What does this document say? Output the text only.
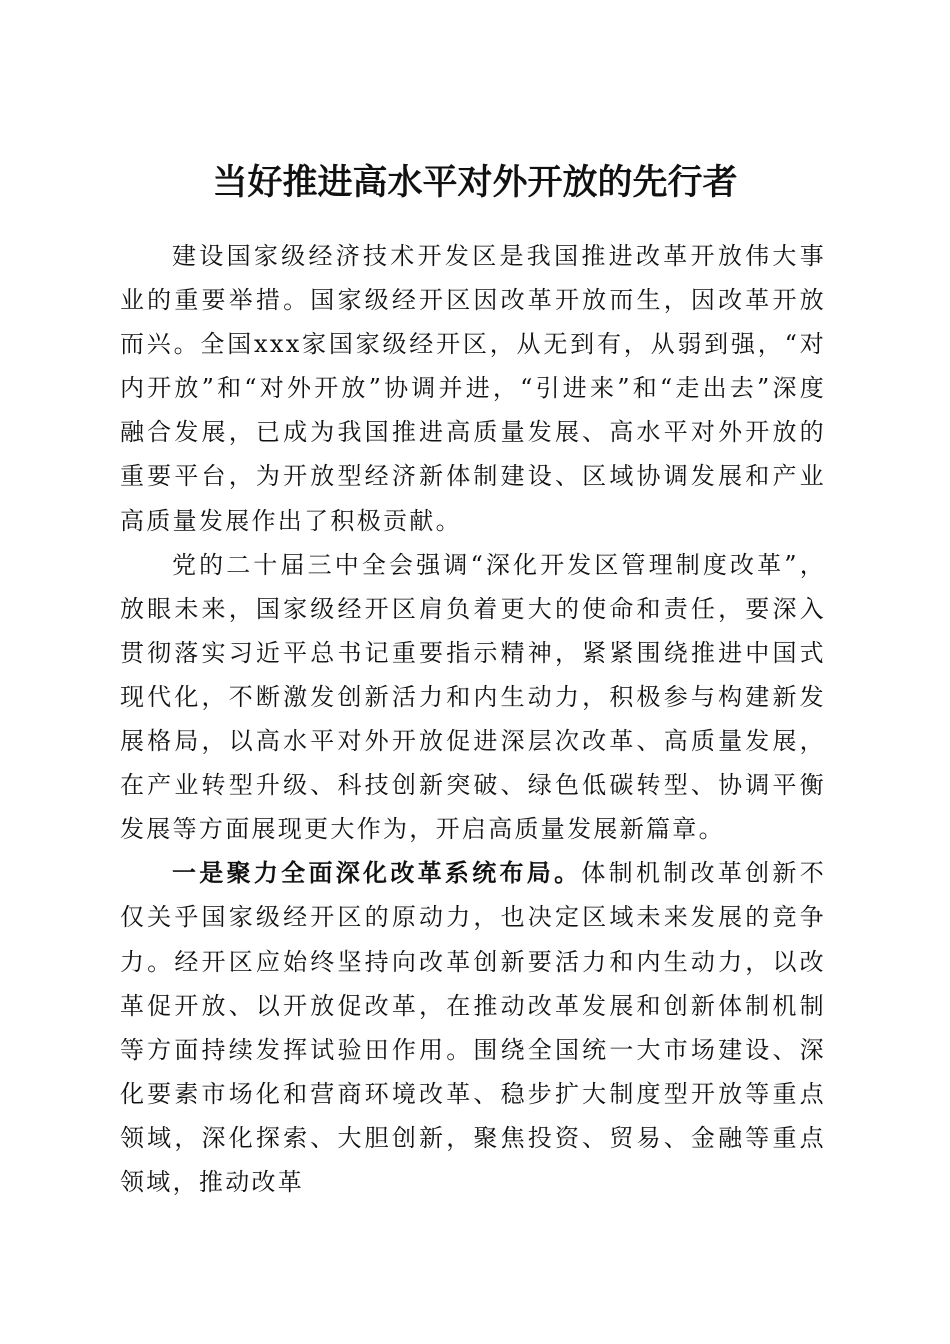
当好推进高水平对外开放的先行者

建设国家级经济技术开发区是我国推进改革开放伟大事业的重要举措。国家级经开区因改革开放而生，因改革开放而兴。全国xxx家国家级经开区，从无到有，从弱到强，“对内开放”和“对外开放”协调并进，“引进来”和“走出去”深度融合发展，已成为我国推进高质量发展、高水平对外开放的重要平台，为开放型经济新体制建设、区域协调发展和产业高质量发展作出了积极贡献。

党的二十届三中全会强调“深化开发区管理制度改革”，放眼未来，国家级经开区肩负着更大的使命和责任，要深入贯彻落实习近平总书记重要指示精神，紧紧围绕推进中国式现代化，不断激发创新活力和内生动力，积极参与构建新发展格局，以高水平对外开放促进深层次改革、高质量发展，在产业转型升级、科技创新突破、绿色低碳转型、协调平衡发展等方面展现更大作为，开启高质量发展新篇章。

一是聚力全面深化改革系统布局。体制机制改革创新不仅关乎国家级经开区的原动力，也决定区域未来发展的竞争力。经开区应始终坚持向改革创新要活力和内生动力，以改革促开放、以开放促改革，在推动改革发展和创新体制机制等方面持续发挥试验田作用。围绕全国统一大市场建设、深化要素市场化和营商环境改革、稳步扩大制度型开放等重点领域，深化探索、大胆创新，聚焦投资、贸易、金融等重点领域，推动改革
